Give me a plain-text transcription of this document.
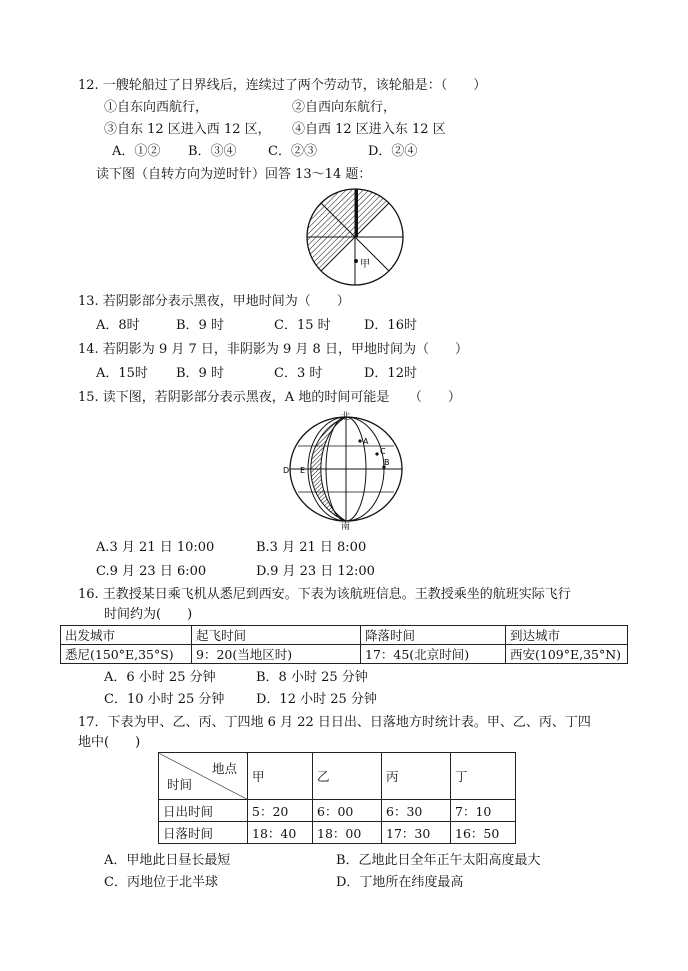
12. 一艘轮船过了日界线后，连续过了两个劳动节，该轮船是：（　　）
①自东向西航行，	②自西向东航行，
③自东 12 区进入西 12 区， ④自西 12 区进入东 12 区
A．①② B．③④ C．②③	D．②④
读下图（自转方向为逆时针）回答 13～14 题：
甲
13. 若阴影部分表示黑夜，甲地时间为（　　）
A．8时	B．9 时	C．15 时	D．16时
14. 若阴影为 9 月 7 日，非阴影为 9 月 8 日，甲地时间为（　　）
A．15时 B．9 时	C．3 时	D．12时
15. 读下图，若阴影部分表示黑夜，A 地的时间可能是　　（　　）
北
南
A
C
B
D E
A.3 月 21 日 10:00	B.3 月 21 日 8:00
C.9 月 23 日 6:00	D.9 月 23 日 12:00
16. 王教授某日乘飞机从悉尼到西安。下表为该航班信息。王教授乘坐的航班实际飞行
时间约为(　　)
出发城市	起飞时间	降落时间	到达城市
悉尼(150°E,35°S)	9：20(当地区时)	17：45(北京时间)	西安(109°E,35°N)
A．6 小时 25 分钟	B．8 小时 25 分钟
C．10 小时 25 分钟 D．12 小时 25 分钟
17．下表为甲、乙、丙、丁四地 6 月 22 日日出、日落地方时统计表。甲、乙、丙、丁四
地中(　　)
地点
时间	甲	乙	丙	丁
日出时间	5：20	6：00	6：30	7：10
日落时间	18：40	18：00	17：30	16：50
A．甲地此日昼长最短	B．乙地此日全年正午太阳高度最大
C．丙地位于北半球	D．丁地所在纬度最高
